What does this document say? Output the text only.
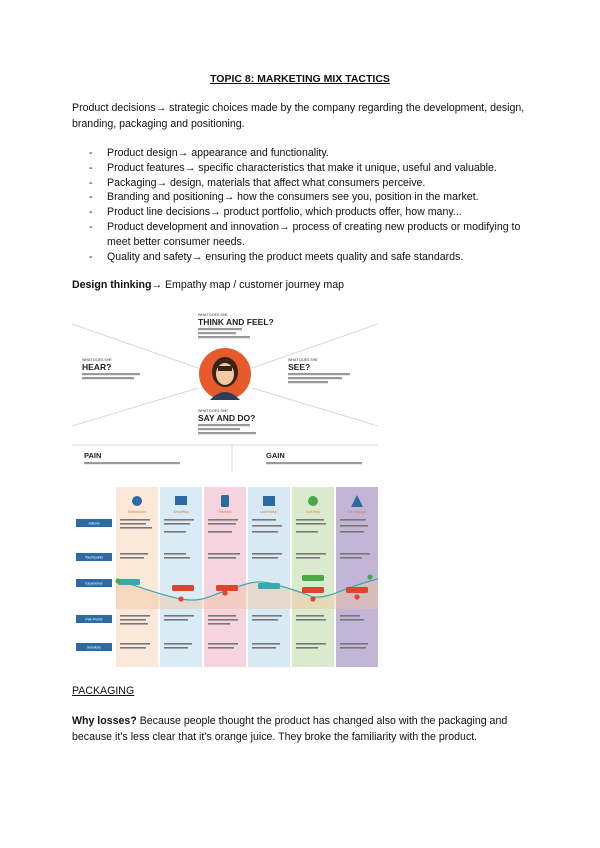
TOPIC 8: MARKETING MIX TACTICS
Product decisions→ strategic choices made by the company regarding the development, design, branding, packaging and positioning.
- Product design→ appearance and functionality.
- Product features→ specific characteristics that make it unique, useful and valuable.
- Packaging→ design, materials that affect what consumers perceive.
- Branding and positioning→ how the consumers see you, position in the market.
- Product line decisions→ product portfolio, which products offer, how many...
- Product development and innovation→ process of creating new products or modifying to meet better consumer needs.
- Quality and safety→ ensuring the product meets quality and safe standards.
Design thinking→ Empathy map / customer journey map
WHAT DOES SHE
THINK AND FEEL?
WHAT DOES SHE
HEAR?
WHAT DOES SHE
SEE?
WHAT DOES SHE
SAY AND DO?
PAIN	GAIN
Search/Info	Shop/Buy	Receive	Use/Setup	Get Help	Re-engage
Actions
Touchpoints
Experience
Pain Points
Solutions
PACKAGING
Why losses? Because people thought the product has changed also with the packaging and because it’s less clear that it’s orange juice. They broke the familiarity with the product.
